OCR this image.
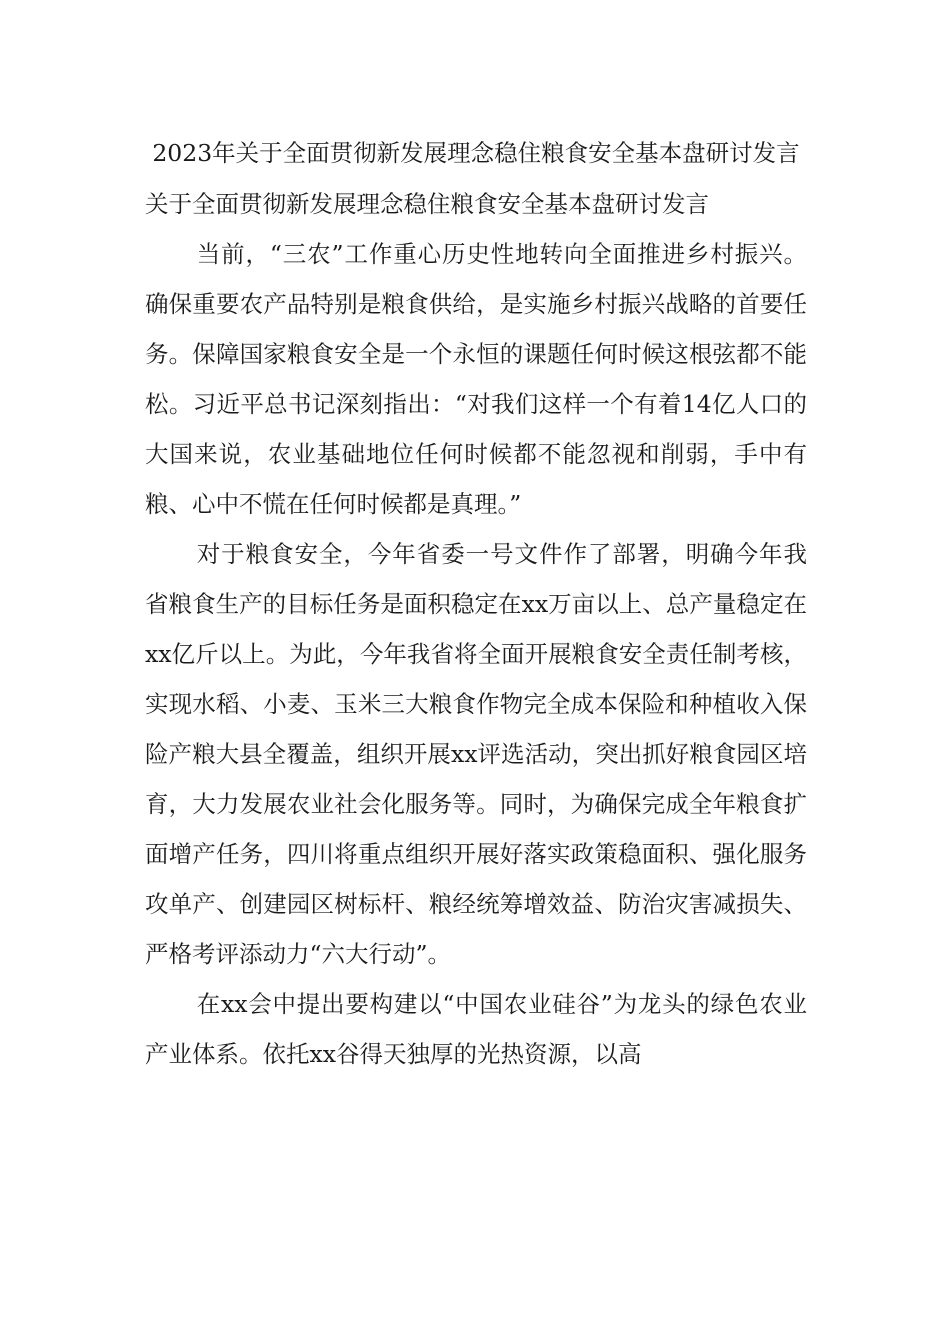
2023年关于全面贯彻新发展理念稳住粮食安全基本盘研讨发言

关于全面贯彻新发展理念稳住粮食安全基本盘研讨发言

当前，“三农”工作重心历史性地转向全面推进乡村振兴。确保重要农产品特别是粮食供给，是实施乡村振兴战略的首要任务。保障国家粮食安全是一个永恒的课题任何时候这根弦都不能松。习近平总书记深刻指出：“对我们这样一个有着14亿人口的大国来说，农业基础地位任何时候都不能忽视和削弱，手中有粮、心中不慌在任何时候都是真理。”

对于粮食安全，今年省委一号文件作了部署，明确今年我省粮食生产的目标任务是面积稳定在xx万亩以上、总产量稳定在xx亿斤以上。为此，今年我省将全面开展粮食安全责任制考核，实现水稻、小麦、玉米三大粮食作物完全成本保险和种植收入保险产粮大县全覆盖，组织开展xx评选活动，突出抓好粮食园区培育，大力发展农业社会化服务等。同时，为确保完成全年粮食扩面增产任务，四川将重点组织开展好落实政策稳面积、强化服务攻单产、创建园区树标杆、粮经统筹增效益、防治灾害减损失、严格考评添动力“六大行动”。

在xx会中提出要构建以“中国农业硅谷”为龙头的绿色农业产业体系。依托xx谷得天独厚的光热资源，以高
